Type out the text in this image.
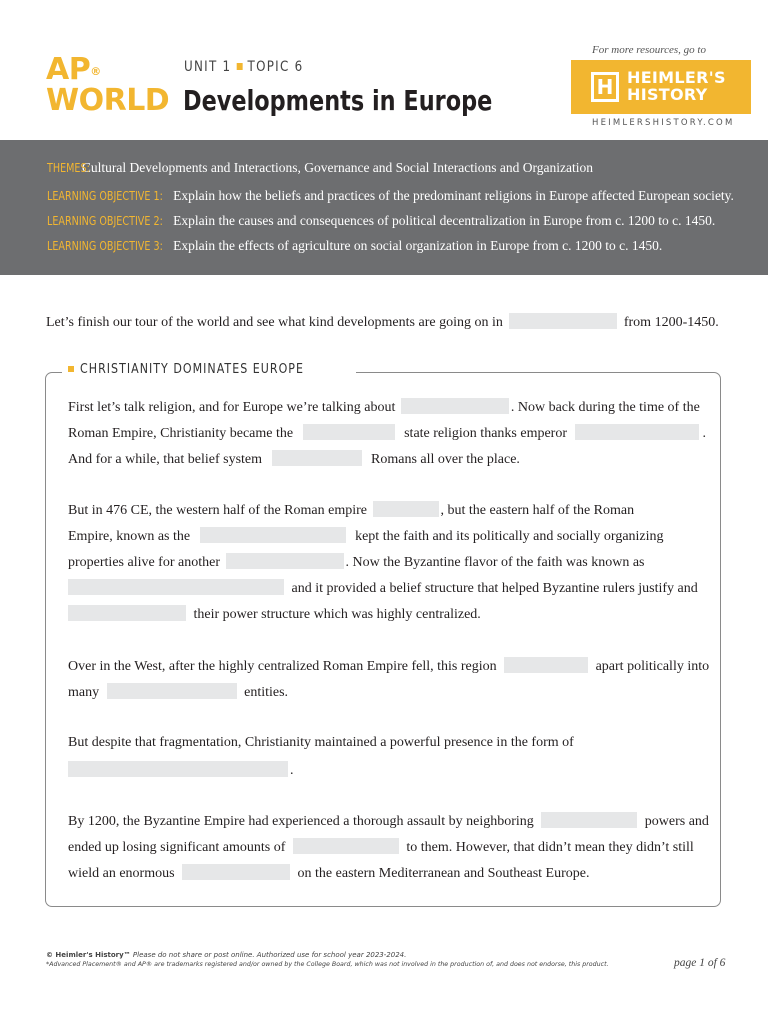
AP®
WORLD
UNIT 1 TOPIC 6
Developments in Europe
For more resources, go to
H HEIMLER'S
HISTORY
HEIMLERSHISTORY.COM
THEMES: Cultural Developments and Interactions, Governance and Social Interactions and Organization
LEARNING OBJECTIVE 1: Explain how the beliefs and practices of the predominant religions in Europe affected European society.
LEARNING OBJECTIVE 2: Explain the causes and consequences of political decentralization in Europe from c. 1200 to c. 1450.
LEARNING OBJECTIVE 3: Explain the effects of agriculture on social organization in Europe from c. 1200 to c. 1450.
Let’s finish our tour of the world and see what kind developments are going on in	from 1200-1450.
CHRISTIANITY DOMINATES EUROPE
First let’s talk religion, and for Europe we’re talking about	. Now back during the time of the
Roman Empire, Christianity became the	state religion thanks emperor	.
And for a while, that belief system	Romans all over the place.
But in 476 CE, the western half of the Roman empire	, but the eastern half of the Roman
Empire, known as the	kept the faith and its politically and socially organizing
properties alive for another	. Now the Byzantine flavor of the faith was known as
and it provided a belief structure that helped Byzantine rulers justify and
their power structure which was highly centralized.
Over in the West, after the highly centralized Roman Empire fell, this region	apart politically into
many	entities.
But despite that fragmentation, Christianity maintained a powerful presence in the form of
.
By 1200, the Byzantine Empire had experienced a thorough assault by neighboring	powers and
ended up losing significant amounts of	to them. However, that didn’t mean they didn’t still
wield an enormous	on the eastern Mediterranean and Southeast Europe.
© Heimler's History™ Please do not share or post online. Authorized use for school year 2023-2024.
*Advanced Placement® and AP® are trademarks registered and/or owned by the College Board, which was not involved in the production of, and does not endorse, this product.	page 1 of 6
